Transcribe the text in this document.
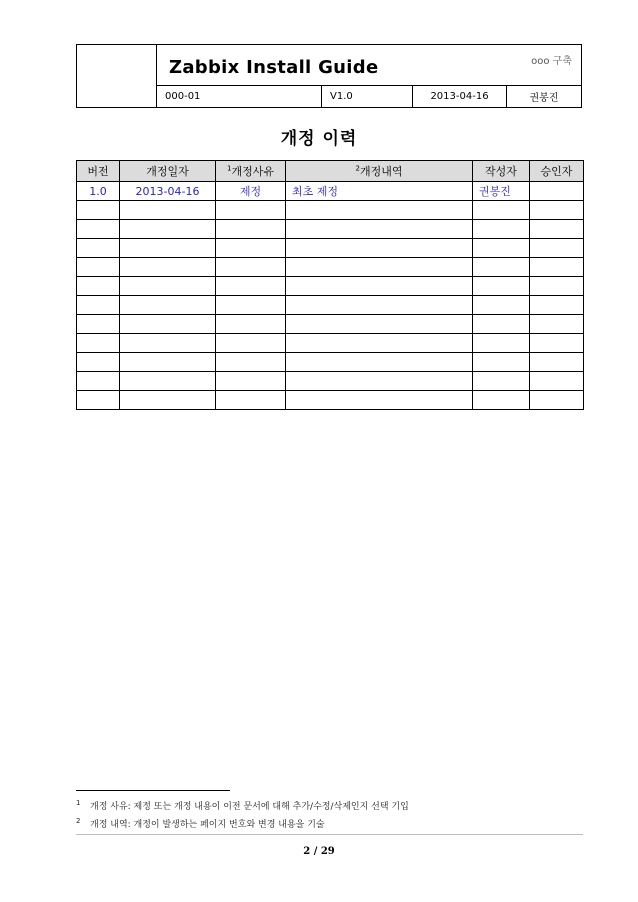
Zabbix Install Guide	ooo 구축
000-01	V1.0	2013-04-16	권봉진
개정 이력
버전	개정일자	$^1$개정사유	$^2$개정내역	작성자	승인자
1.0	2013-04-16	제정	최초 제정	권봉진	

1 개정 사유: 제정 또는 개정 내용이 이전 문서에 대해 추가/수정/삭제인지 선택 기입
2 개정 내역: 개정이 발생하는 페이지 번호와 변경 내용을 기술
2 / 29
